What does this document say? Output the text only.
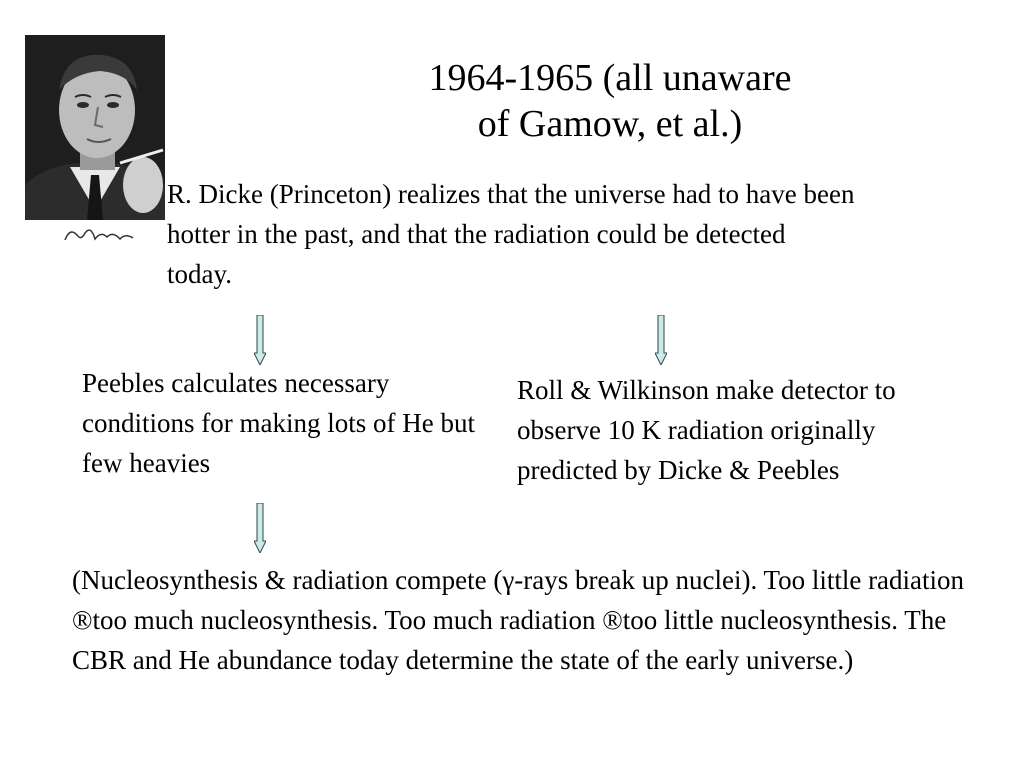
1964-1965 (all unaware
of Gamow, et al.)
R. Dicke (Princeton) realizes that the universe had to have been hotter in the past, and that the radiation could be detected today.
Peebles calculates necessary conditions for making lots of He but few heavies
Roll & Wilkinson make detector to observe 10 K radiation originally predicted by Dicke & Peebles
(Nucleosynthesis & radiation compete (γ-rays break up nuclei). Too little radiation ®too much nucleosynthesis. Too much radiation ®too little nucleosynthesis. The CBR and He abundance today determine the state of the early universe.)
